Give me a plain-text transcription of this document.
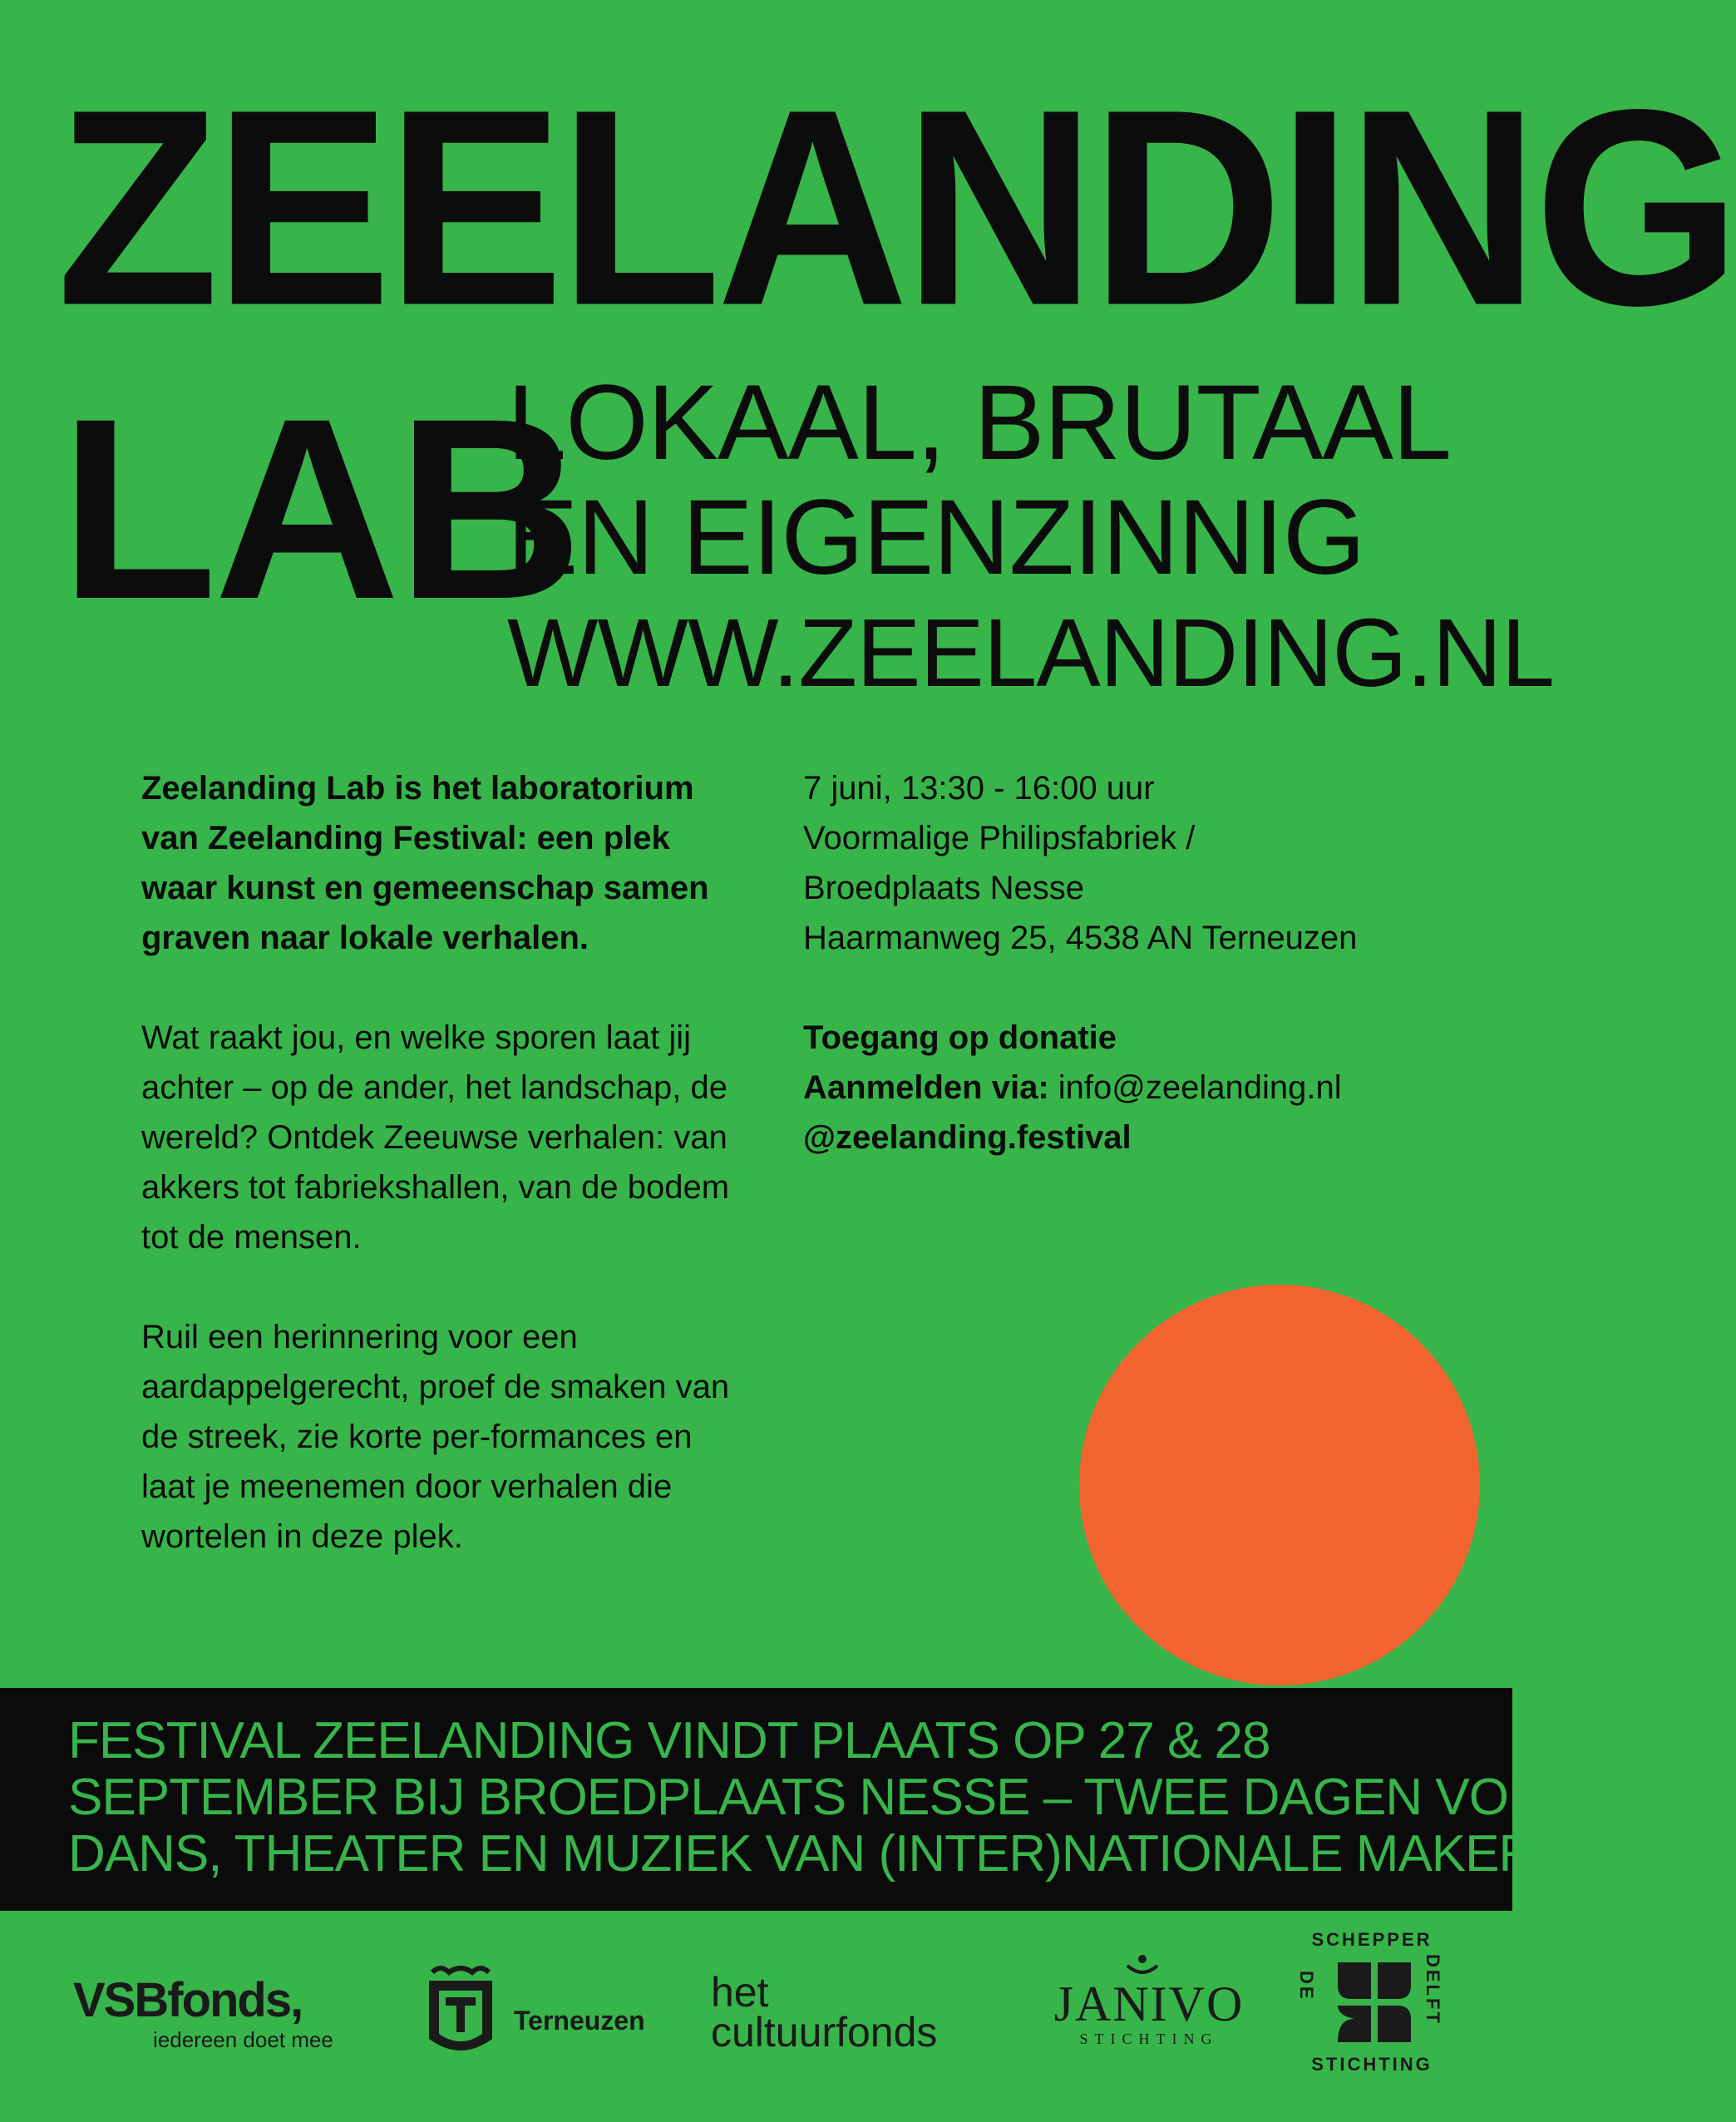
ZEELANDING
LAB
LOKAAL, BRUTAAL
EN EIGENZINNIG
WWW.ZEELANDING.NL

Zeelanding Lab is het laboratorium van Zeelanding Festival: een plek waar kunst en gemeenschap samen graven naar lokale verhalen.

Wat raakt jou, en welke sporen laat jij achter – op de ander, het landschap, de wereld? Ontdek Zeeuwse verhalen: van akkers tot fabriekshallen, van de bodem tot de mensen.

Ruil een herinnering voor een aardappelgerecht, proef de smaken van de streek, zie korte per-formances en laat je meenemen door verhalen die wortelen in deze plek.

7 juni, 13:30 - 16:00 uur
Voormalige Philipsfabriek /
Broedplaats Nesse
Haarmanweg 25, 4538 AN Terneuzen

Toegang op donatie
Aanmelden via: info@zeelanding.nl
@zeelanding.festival

FESTIVAL ZEELANDING VINDT PLAATS OP 27 & 28
SEPTEMBER BIJ BROEDPLAATS NESSE – TWEE DAGEN VOL
DANS, THEATER EN MUZIEK VAN (INTER)NATIONALE MAKERS
VSBfonds,
iedereen doet mee
Terneuzen
het
cultuurfonds
JANIVO
STICHTING
SCHEPPER
DE	DELFT
STICHTING
